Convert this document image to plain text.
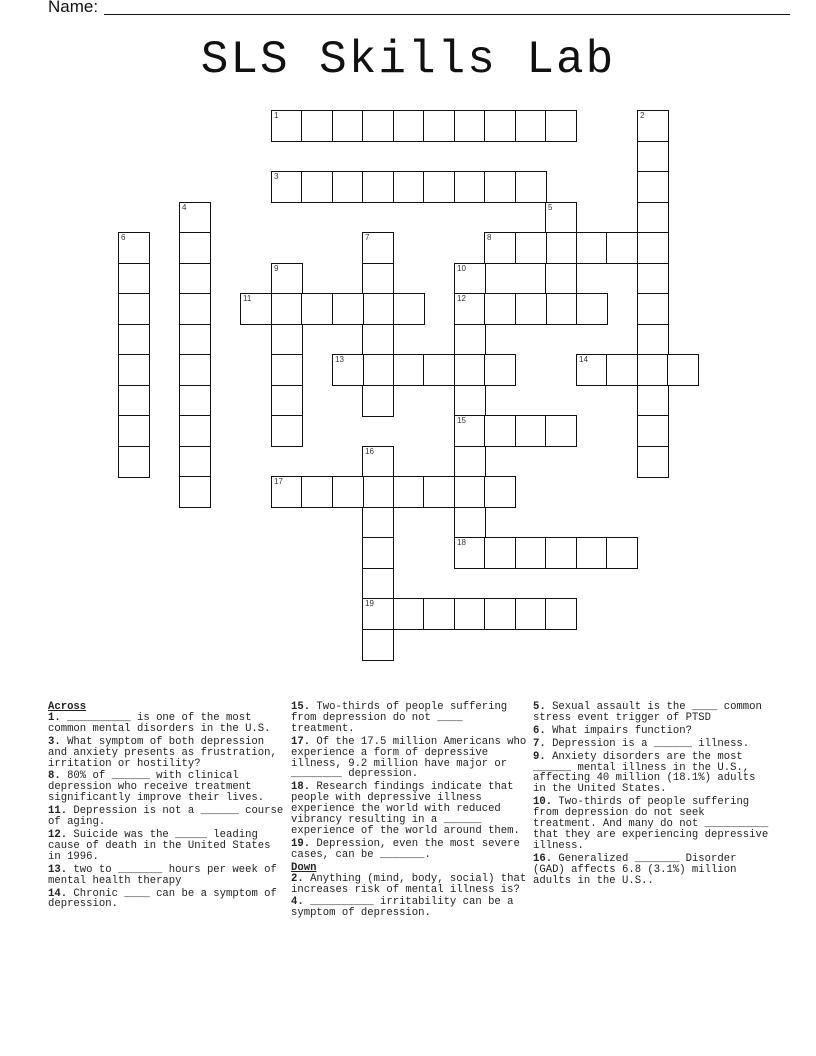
Name:
SLS Skills Lab
1	2
3
4	5
6	7	8
9	10
12
15
18
11
13	14
16
19
17
Across
1. __________ is one of the most common mental disorders in the U.S.
3. What symptom of both depression and anxiety presents as frustration, irritation or hostility?
8. 80% of ______ with clinical depression who receive treatment significantly improve their lives.
11. Depression is not a ______ course of aging.
12. Suicide was the _____ leading cause of death in the United States in 1996.
13. two to _______ hours per week of mental health therapy
14. Chronic ____ can be a symptom of depression.
15. Two-thirds of people suffering from depression do not ____ treatment.
17. Of the 17.5 million Americans who experience a form of depressive illness, 9.2 million have major or ________ depression.
18. Research findings indicate that people with depressive illness experience the world with reduced vibrancy resulting in a ______ experience of the world around them.
19. Depression, even the most severe cases, can be _______.
Down
2. Anything (mind, body, social) that increases risk of mental illness is?
4. __________ irritability can be a symptom of depression.
5. Sexual assault is the ____ common stress event trigger of PTSD
6. What impairs function?
7. Depression is a ______ illness.
9. Anxiety disorders are the most ______ mental illness in the U.S., affecting 40 million (18.1%) adults in the United States.
10. Two-thirds of people suffering from depression do not seek treatment. And many do not __________ that they are experiencing depressive illness.
16. Generalized _______ Disorder (GAD) affects 6.8 (3.1%) million adults in the U.S..
